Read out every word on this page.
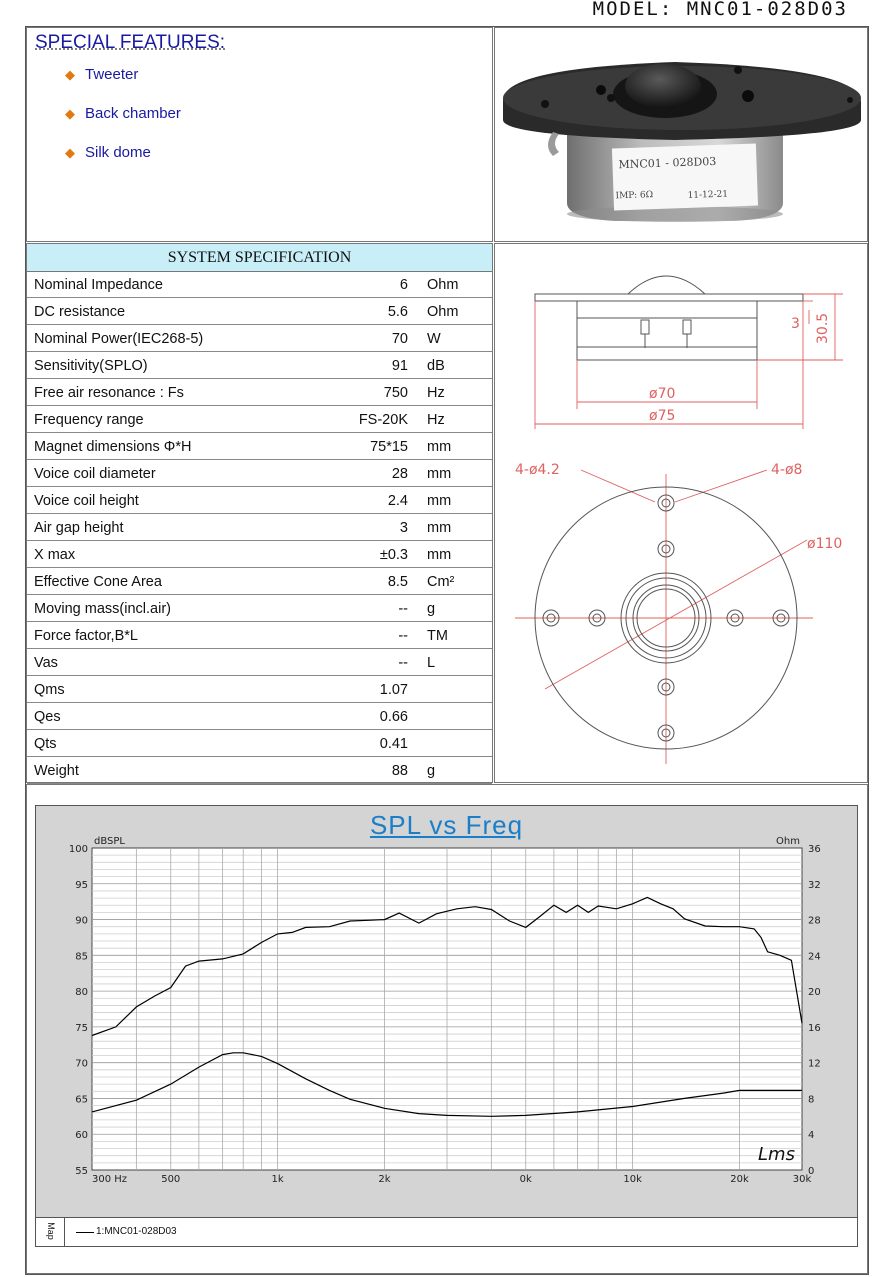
MODEL: MNC01-028D03
SPECIAL FEATURES:
◆ Tweeter
◆ Back chamber
◆ Silk dome
MNC01 - 028D03
IMP: 6Ω	11-12-21
SYSTEM SPECIFICATION
Nominal Impedance	6 Ohm
DC resistance	5.6 Ohm
Nominal Power(IEC268-5)	70 W
Sensitivity(SPLO)	91 dB
Free air resonance : Fs	750 Hz
Frequency range	FS-20K Hz
Magnet dimensions Φ*H	75*15 mm
Voice coil diameter	28 mm
Voice coil height	2.4 mm
Air gap height	3 mm
X max	±0.3 mm
Effective Cone Area	8.5 Cm²
Moving mass(incl.air)	-- g
Force factor,B*L	-- TM
Vas	-- L
Qms	1.07
Qes	0.66
Qts	0.41
Weight	88 g
30.5
3
ø70
ø75
4-ø4.2	4-ø8
ø110
SPL vs Freq
55
60
65
70
75
80
85
90
95
100
0
4
8
12
16
20
24
28
32
36
300 Hz	500	1k	2k	0k	10k	20k	30k
dBSPL	Ohm
Lms
Map	1:MNC01-028D03
